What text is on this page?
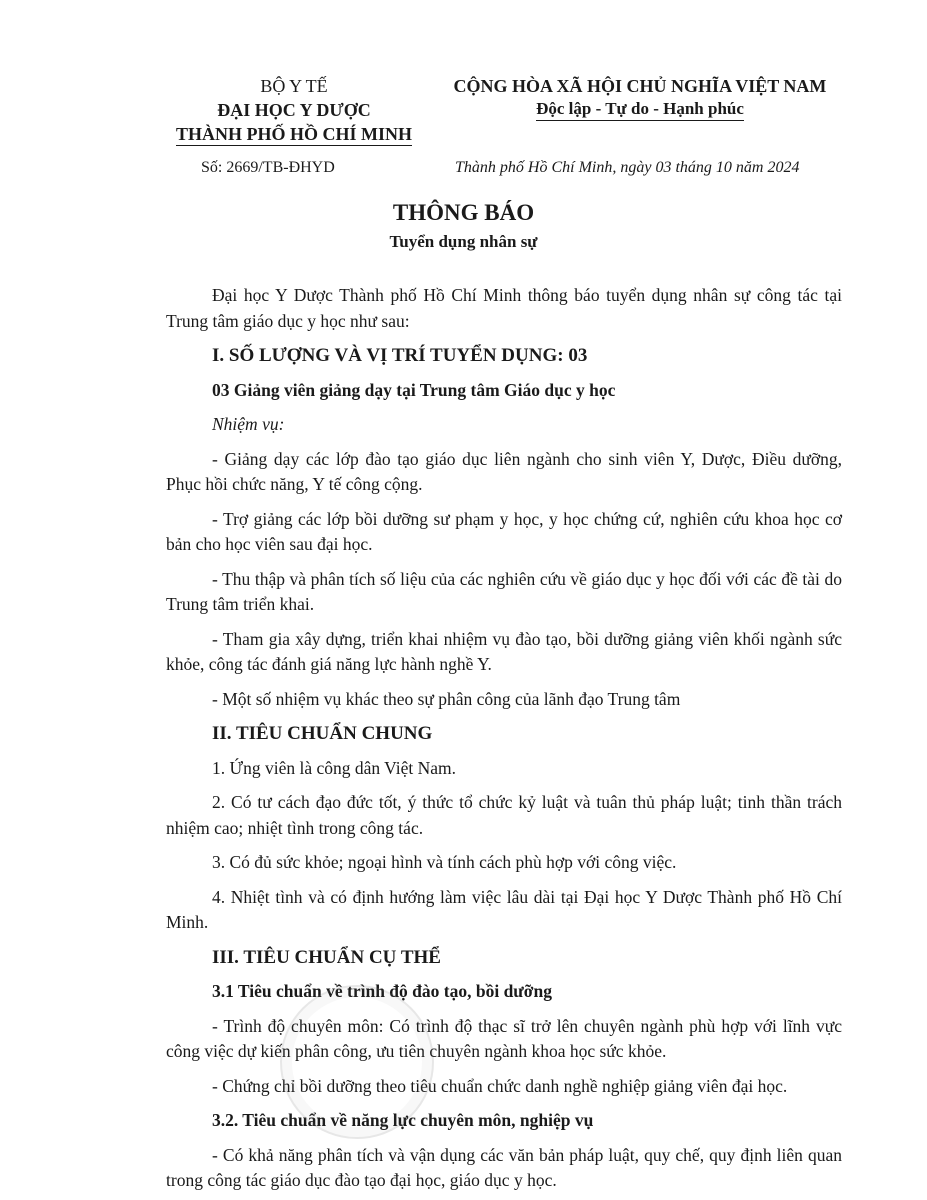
BỘ Y TẾ
ĐẠI HỌC Y DƯỢC
THÀNH PHỐ HỒ CHÍ MINH
CỘNG HÒA XÃ HỘI CHỦ NGHĨA VIỆT NAM
Độc lập - Tự do - Hạnh phúc
Số: 2669/TB-ĐHYD	Thành phố Hồ Chí Minh, ngày 03 tháng 10 năm 2024
THÔNG BÁO
Tuyển dụng nhân sự

Đại học Y Dược Thành phố Hồ Chí Minh thông báo tuyển dụng nhân sự công tác tại Trung tâm giáo dục y học như sau:

I. SỐ LƯỢNG VÀ VỊ TRÍ TUYỂN DỤNG: 03

03 Giảng viên giảng dạy tại Trung tâm Giáo dục y học

Nhiệm vụ:

- Giảng dạy các lớp đào tạo giáo dục liên ngành cho sinh viên Y, Dược, Điều dưỡng, Phục hồi chức năng, Y tế công cộng.

- Trợ giảng các lớp bồi dưỡng sư phạm y học, y học chứng cứ, nghiên cứu khoa học cơ bản cho học viên sau đại học.

- Thu thập và phân tích số liệu của các nghiên cứu về giáo dục y học đối với các đề tài do Trung tâm triển khai.

- Tham gia xây dựng, triển khai nhiệm vụ đào tạo, bồi dưỡng giảng viên khối ngành sức khỏe, công tác đánh giá năng lực hành nghề Y.

- Một số nhiệm vụ khác theo sự phân công của lãnh đạo Trung tâm

II. TIÊU CHUẨN CHUNG

1. Ứng viên là công dân Việt Nam.

2. Có tư cách đạo đức tốt, ý thức tổ chức kỷ luật và tuân thủ pháp luật; tinh thần trách nhiệm cao; nhiệt tình trong công tác.

3. Có đủ sức khỏe; ngoại hình và tính cách phù hợp với công việc.

4. Nhiệt tình và có định hướng làm việc lâu dài tại Đại học Y Dược Thành phố Hồ Chí Minh.

III. TIÊU CHUẨN CỤ THỂ

3.1 Tiêu chuẩn về trình độ đào tạo, bồi dưỡng

- Trình độ chuyên môn: Có trình độ thạc sĩ trở lên chuyên ngành phù hợp với lĩnh vực công việc dự kiến phân công, ưu tiên chuyên ngành khoa học sức khỏe.

- Chứng chỉ bồi dưỡng theo tiêu chuẩn chức danh nghề nghiệp giảng viên đại học.

3.2. Tiêu chuẩn về năng lực chuyên môn, nghiệp vụ

- Có khả năng phân tích và vận dụng các văn bản pháp luật, quy chế, quy định liên quan trong công tác giáo dục đào tạo đại học, giáo dục y học.
